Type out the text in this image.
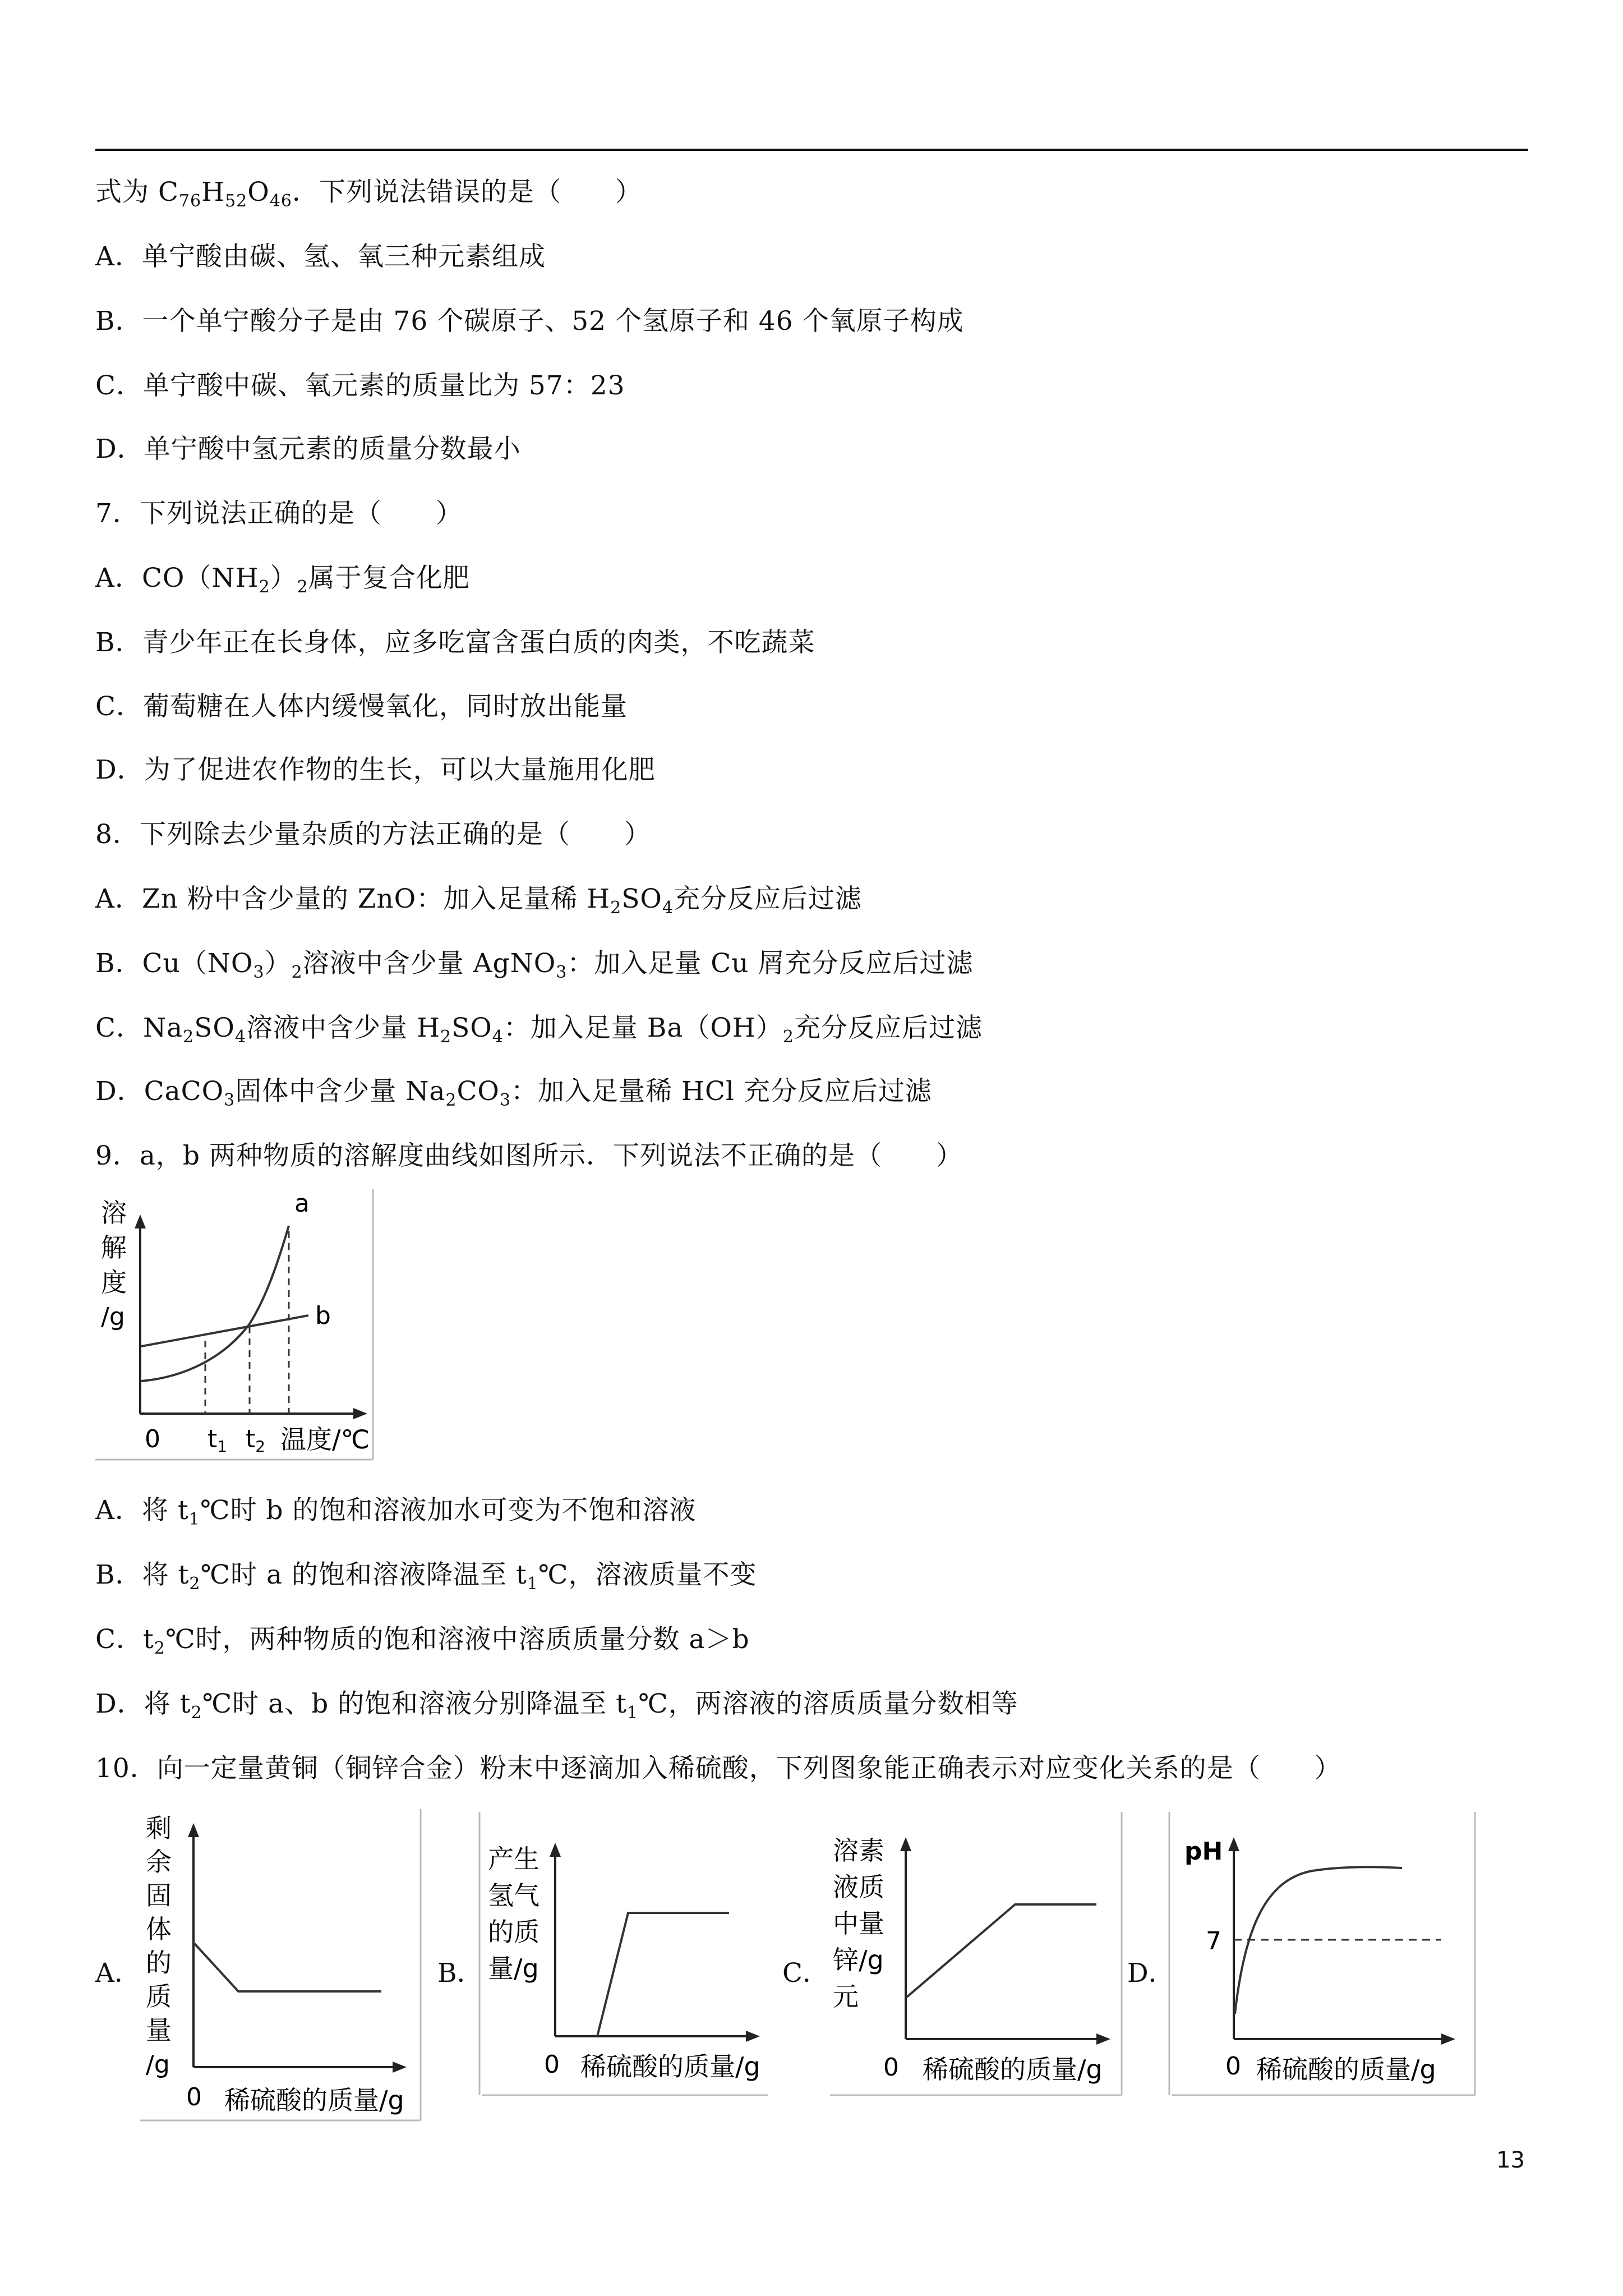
式为 $C_{76}H_{52}O_{46}$．下列说法错误的是（　　）
A．单宁酸由碳、氢、氧三种元素组成
B．一个单宁酸分子是由 76 个碳原子、52 个氢原子和 46 个氧原子构成
C．单宁酸中碳、氧元素的质量比为 57：23
D．单宁酸中氢元素的质量分数最小
7．下列说法正确的是（　　）
A．$CO(NH_2)_2$属于复合化肥
B．青少年正在长身体，应多吃富含蛋白质的肉类，不吃蔬菜
C．葡萄糖在人体内缓慢氧化，同时放出能量
D．为了促进农作物的生长，可以大量施用化肥
8．下列除去少量杂质的方法正确的是（　　）
A．Zn 粉中含少量的 ZnO：加入足量稀 $H_2SO_4$充分反应后过滤
B．$Cu(NO_3)_2$溶液中含少量 AgNO$_3$：加入足量 Cu 屑充分反应后过滤
C．$Na_2SO_4$溶液中含少量 $H_2SO_4$：加入足量 $Ba(OH)_2$充分反应后过滤
D．CaCO$_3$固体中含少量 $Na_2CO_3$：加入足量稀 HCl 充分反应后过滤
9．a，b 两种物质的溶解度曲线如图所示．下列说法不正确的是（　　）
溶
解
度
/g
a
b
0 t1 t2 温度/℃
A．将 $t_1℃$时 b 的饱和溶液加水可变为不饱和溶液
B．将 $t_2℃$时 a 的饱和溶液降温至 $t_1℃$，溶液质量不变
C．$t_2℃$时，两种物质的饱和溶液中溶质质量分数 a＞b
D．将 $t_2℃$时 a、b 的饱和溶液分别降温至 $t_1℃$，两溶液的溶质质量分数相等
10．向一定量黄铜（铜锌合金）粉末中逐滴加入稀硫酸，下列图象能正确表示对应变化关系的是（　　）
A．
剩
余
固
体
的
质
量
/g
0 稀硫酸的质量/g
B．
产生
氢气
的质
量/g
0 稀硫酸的质量/g
C．
溶素
液质
中量
锌/g
元
0 稀硫酸的质量/g
D．
pH
7
0 稀硫酸的质量/g
13
